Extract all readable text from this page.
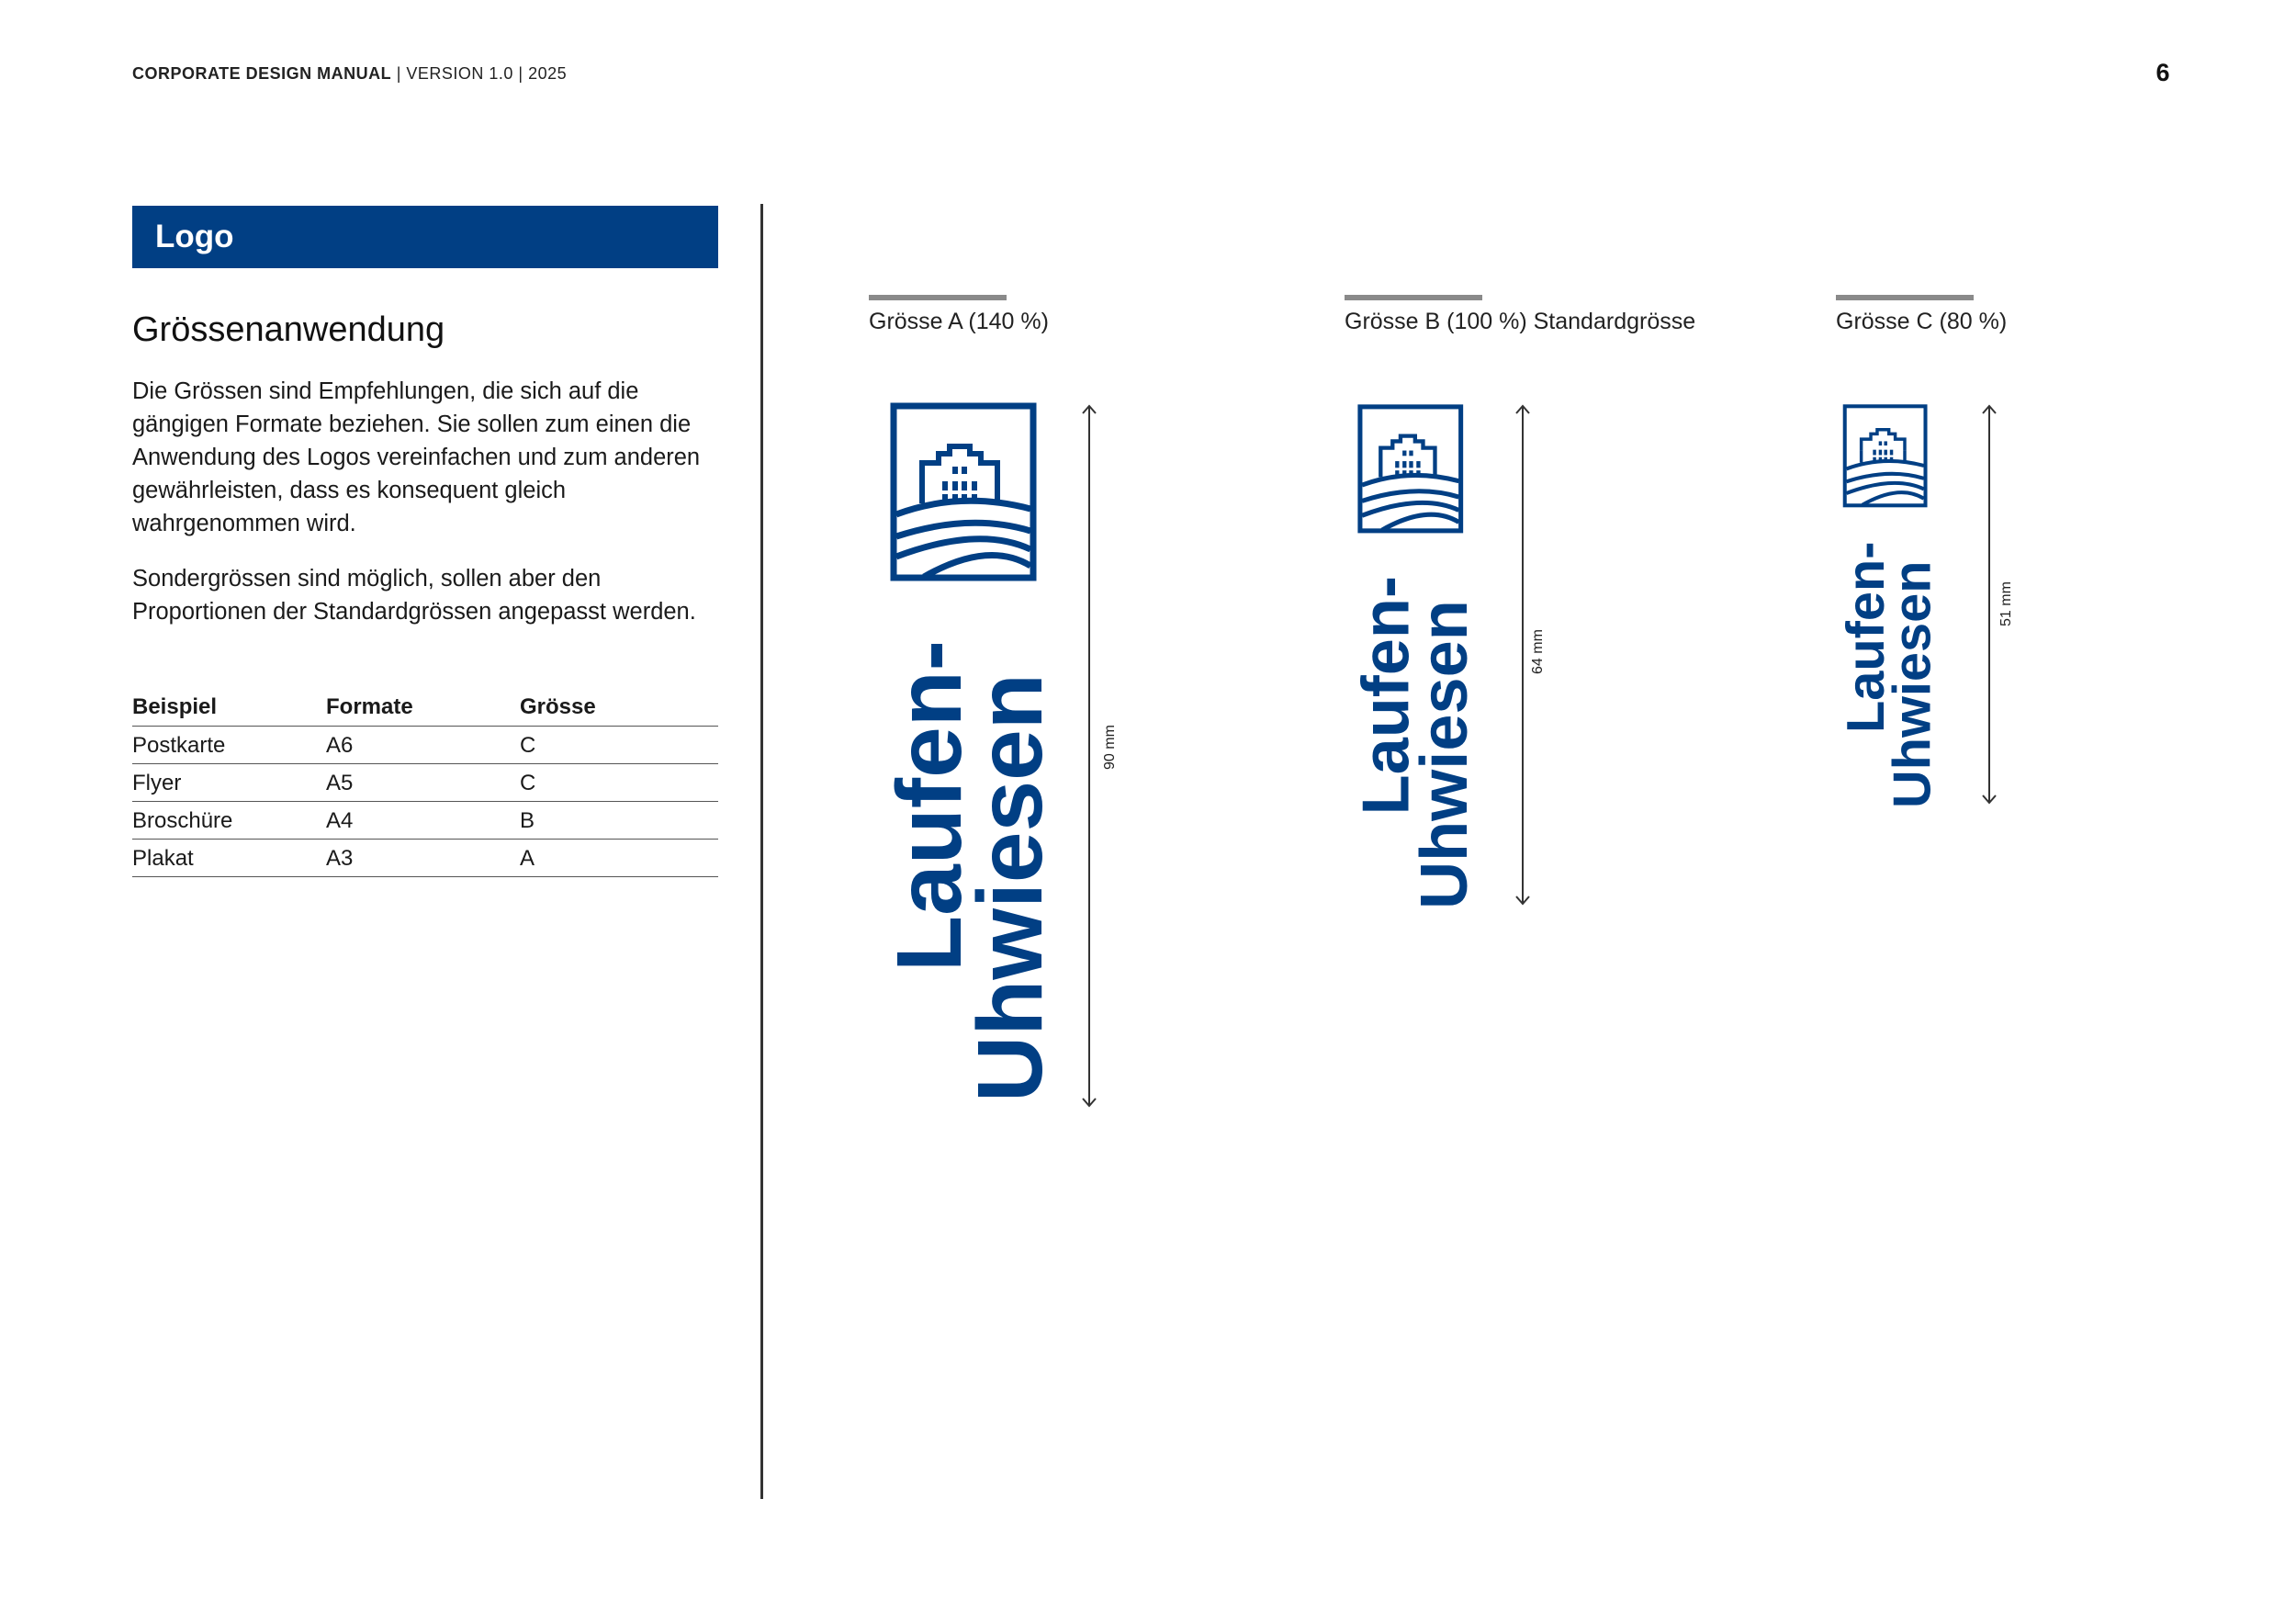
CORPORATE DESIGN MANUAL | VERSION 1.0 | 2025	6
Logo
Grössenanwendung

Die Grössen sind Empfehlungen, die sich auf die gängigen Formate beziehen. Sie sollen zum einen die Anwendung des Logos vereinfachen und zum anderen gewährleisten, dass es konsequent gleich wahrgenommen wird.

Sondergrössen sind möglich, sollen aber den Proportionen der Standardgrössen angepasst werden.

Beispiel	Formate	Grösse
Postkarte	A6	C
Flyer	A5	C
Broschüre	A4	B
Plakat	A3	A
Grösse A (140 %)
Laufen-
Uhwiesen	90 mm
Grösse B (100 %) Standardgrösse
Laufen-
Uhwiesen	64 mm
Grösse C (80 %)
Laufen-
Uhwiesen	51 mm
